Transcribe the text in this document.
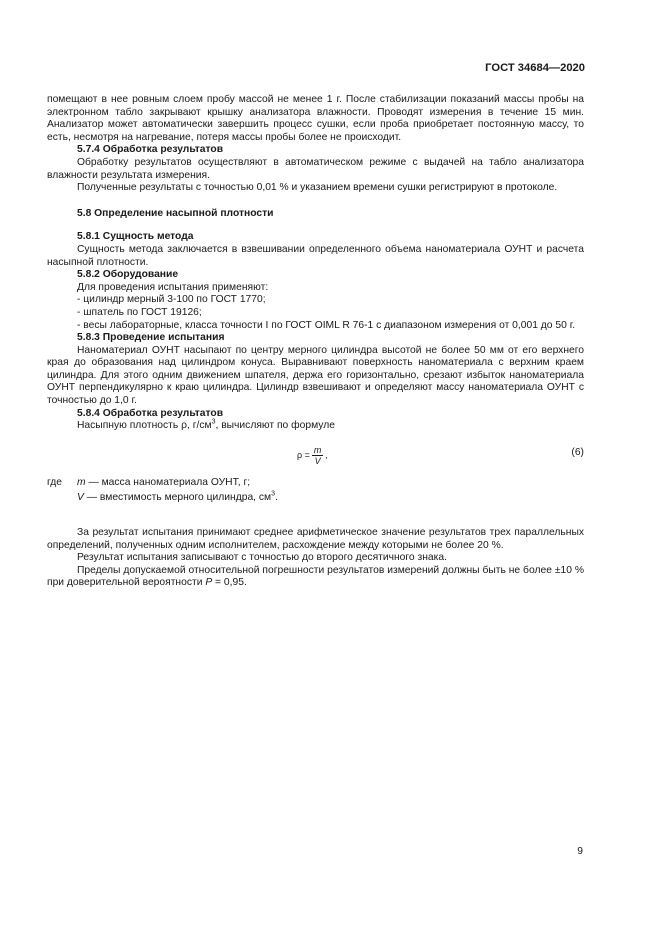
ГОСТ 34684—2020

помещают в нее ровным слоем пробу массой не менее 1 г. После стабилизации показаний массы пробы на электронном табло закрывают крышку анализатора влажности. Проводят измерения в течение 15 мин. Анализатор может автоматически завершить процесс сушки, если проба приобретает постоянную массу, то есть, несмотря на нагревание, потеря массы пробы более не происходит.

5.7.4 Обработка результатов

Обработку результатов осуществляют в автоматическом режиме с выдачей на табло анализатора влажности результата измерения.

Полученные результаты с точностью 0,01 % и указанием времени сушки регистрируют в протоколе.

5.8 Определение насыпной плотности
5.8.1 Сущность метода

Сущность метода заключается в взвешивании определенного объема наноматериала ОУНТ и расчета насыпной плотности.

5.8.2 Оборудование

Для проведения испытания применяют:

- цилиндр мерный 3-100 по ГОСТ 1770;

- шпатель по ГОСТ 19126;

- весы лабораторные, класса точности I по ГОСТ OIML R 76-1 с диапазоном измерения от 0,001 до 50 г.

5.8.3 Проведение испытания

Наноматериал ОУНТ насыпают по центру мерного цилиндра высотой не более 50 мм от его верхнего края до образования над цилиндром конуса. Выравнивают поверхность наноматериала с верхним краем цилиндра. Для этого одним движением шпателя, держа его горизонтально, срезают избыток наноматериала ОУНТ перпендикулярно к краю цилиндра. Цилиндр взвешивают и определяют массу наноматериала ОУНТ с точностью до 1,0 г.

5.8.4 Обработка результатов

Насыпную плотность ρ, $г/см^3$, вычисляют по формуле

$\rho = \frac{m}{V}$ ,	(6)
где	m — масса наноматериала ОУНТ, г;
V — вместимость мерного цилиндра, $см^3$.

За результат испытания принимают среднее арифметическое значение результатов трех параллельных определений, полученных одним исполнителем, расхождение между которыми не более 20 %.

Результат испытания записывают с точностью до второго десятичного знака.

Пределы допускаемой относительной погрешности результатов измерений должны быть не более ±10 % при доверительной вероятности P = 0,95.

9
